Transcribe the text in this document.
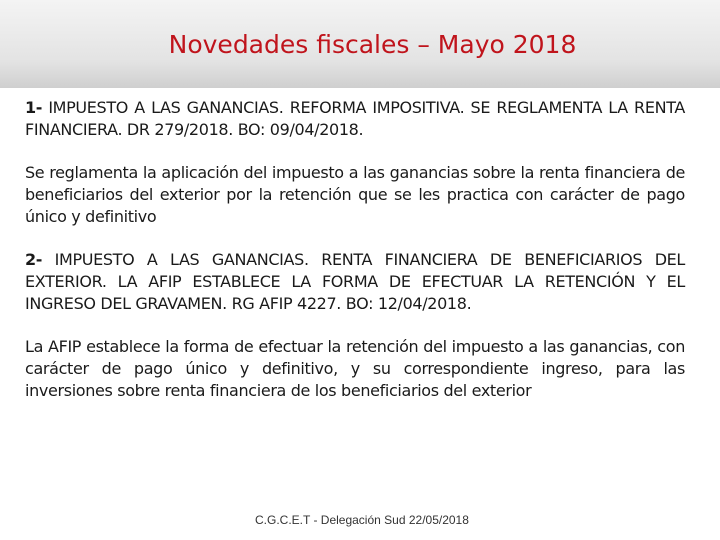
Novedades fiscales – Mayo 2018

1- IMPUESTO A LAS GANANCIAS. REFORMA IMPOSITIVA. SE REGLAMENTA LA RENTA FINANCIERA. DR 279/2018. BO: 09/04/2018.

Se reglamenta la aplicación del impuesto a las ganancias sobre la renta financiera de beneficiarios del exterior por la retención que se les practica con carácter de pago único y definitivo

2- IMPUESTO A LAS GANANCIAS. RENTA FINANCIERA DE BENEFICIARIOS DEL EXTERIOR. LA AFIP ESTABLECE LA FORMA DE EFECTUAR LA RETENCIÓN Y EL INGRESO DEL GRAVAMEN. RG AFIP 4227. BO: 12/04/2018.

La AFIP establece la forma de efectuar la retención del impuesto a las ganancias, con carácter de pago único y definitivo, y su correspondiente ingreso, para las inversiones sobre renta financiera de los beneficiarios del exterior

C.G.C.E.T - Delegación Sud 22/05/2018
